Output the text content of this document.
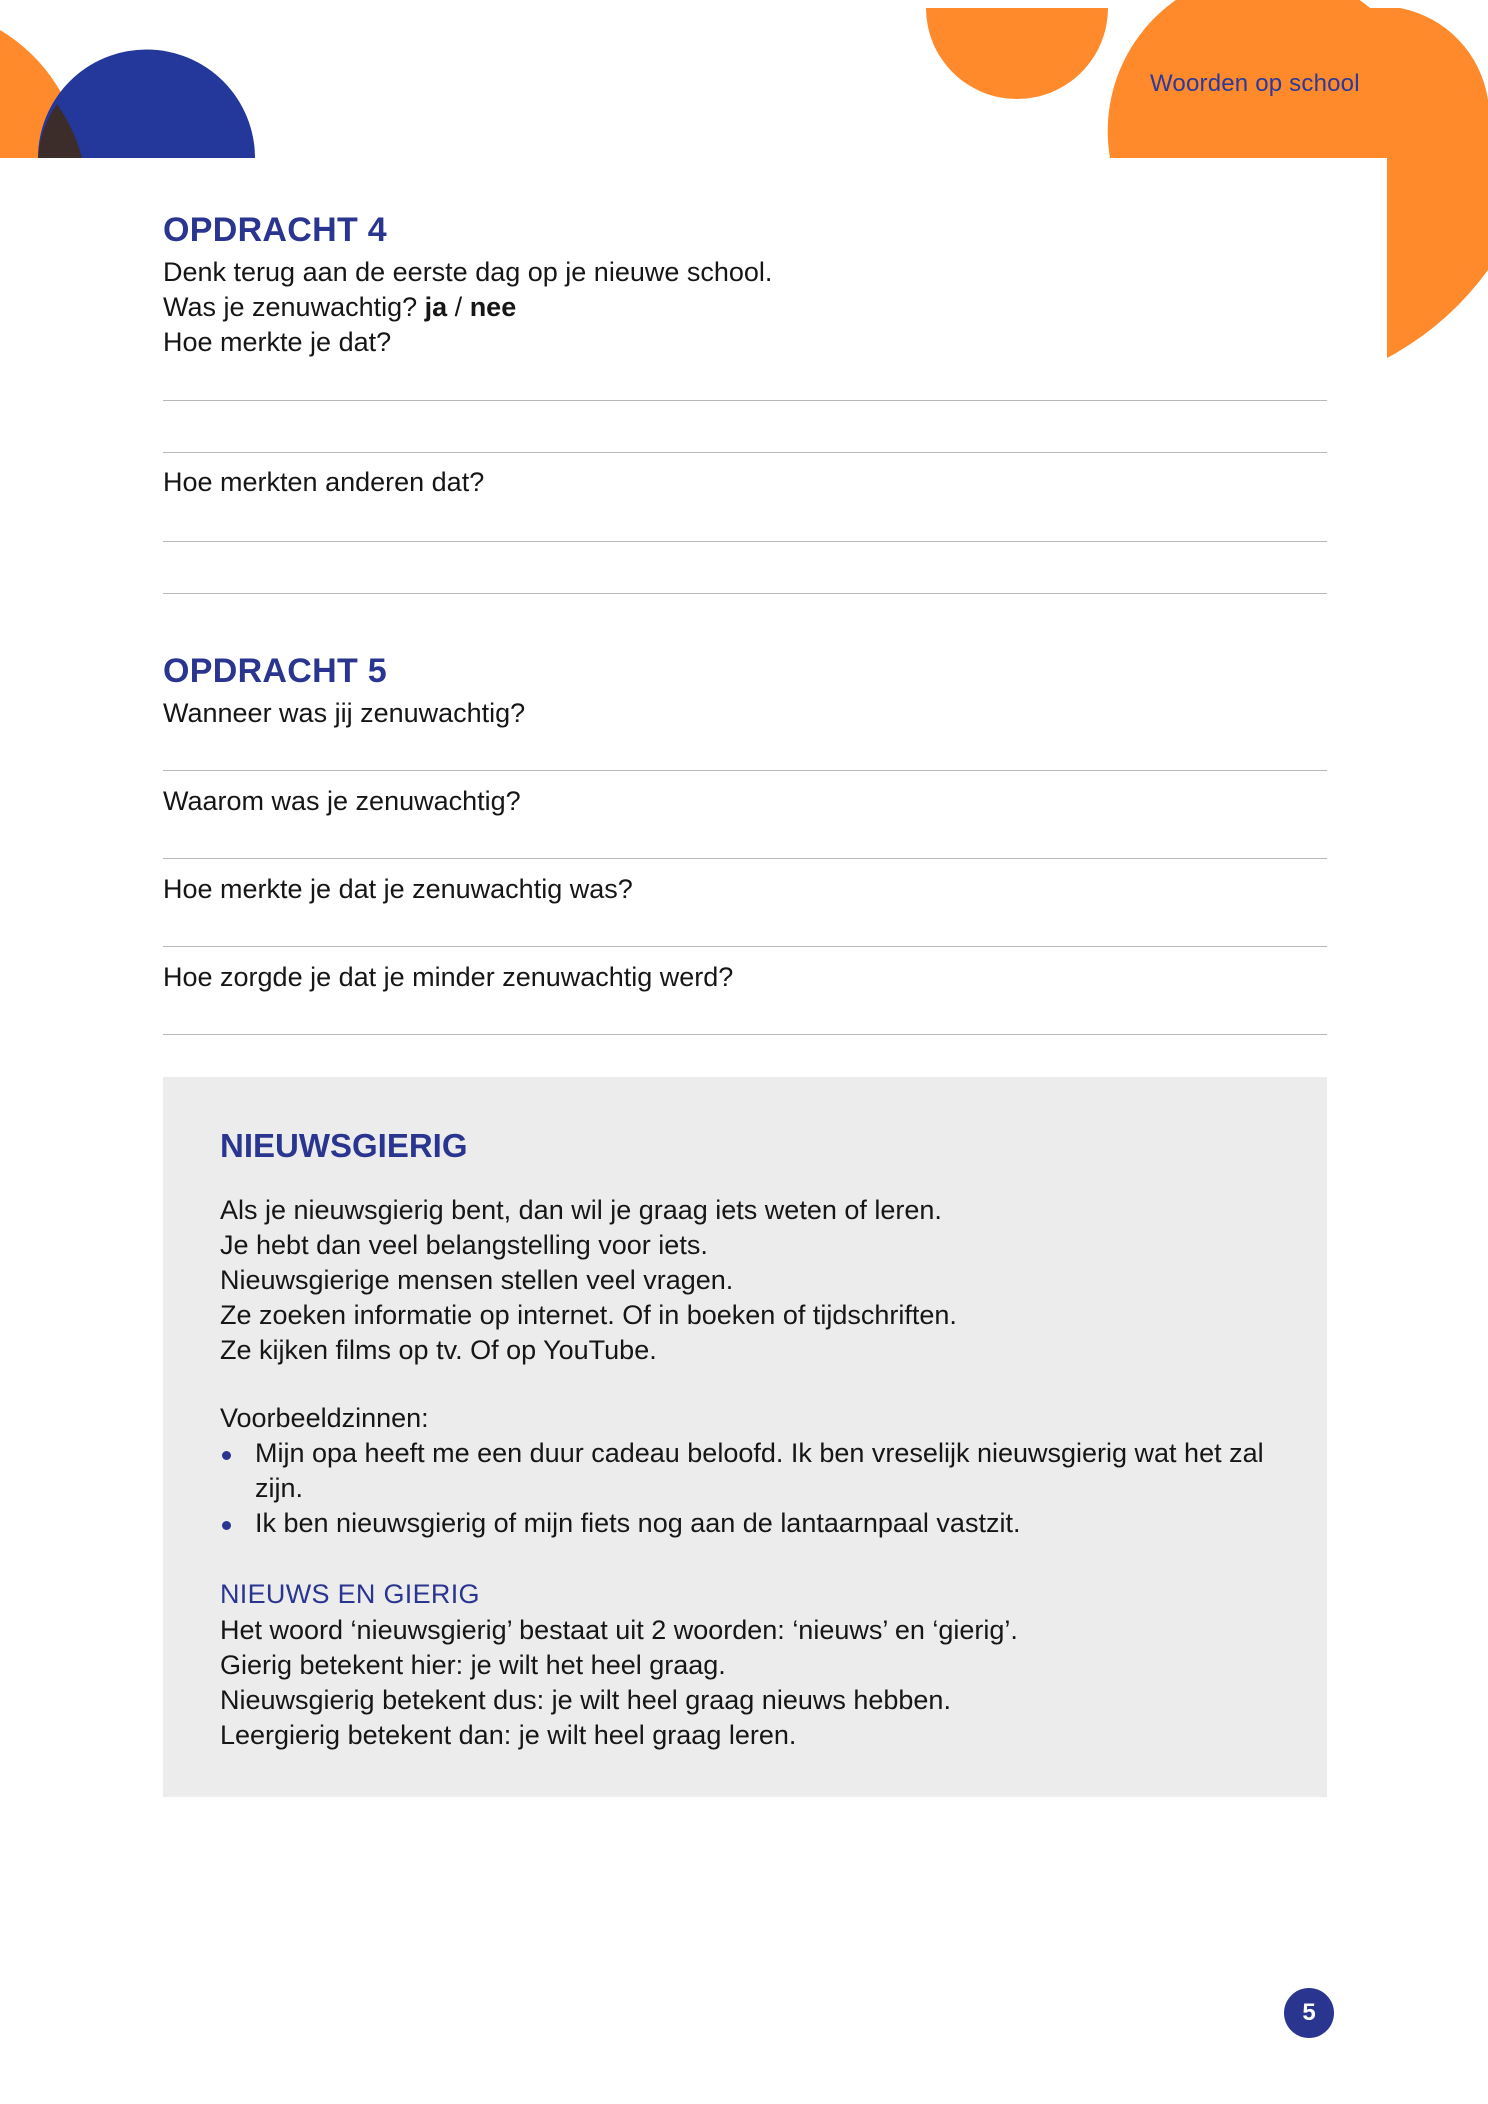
Woorden op school
OPDRACHT 4
Denk terug aan de eerste dag op je nieuwe school.
Was je zenuwachtig? ja / nee
Hoe merkte je dat?
Hoe merkten anderen dat?
OPDRACHT 5
Wanneer was jij zenuwachtig?
Waarom was je zenuwachtig?
Hoe merkte je dat je zenuwachtig was?
Hoe zorgde je dat je minder zenuwachtig werd?
NIEUWSGIERIG

Als je nieuwsgierig bent, dan wil je graag iets weten of leren.

Je hebt dan veel belangstelling voor iets.

Nieuwsgierige mensen stellen veel vragen.

Ze zoeken informatie op internet. Of in boeken of tijdschriften.

Ze kijken films op tv. Of op YouTube.

Voorbeeldzinnen:
Mijn opa heeft me een duur cadeau beloofd. Ik ben vreselijk nieuwsgierig wat het zal zijn.
Ik ben nieuwsgierig of mijn fiets nog aan de lantaarnpaal vastzit.
NIEUWS EN GIERIG

Het woord ‘nieuwsgierig’ bestaat uit 2 woorden: ‘nieuws’ en ‘gierig’.

Gierig betekent hier: je wilt het heel graag.

Nieuwsgierig betekent dus: je wilt heel graag nieuws hebben.

Leergierig betekent dan: je wilt heel graag leren.

5
